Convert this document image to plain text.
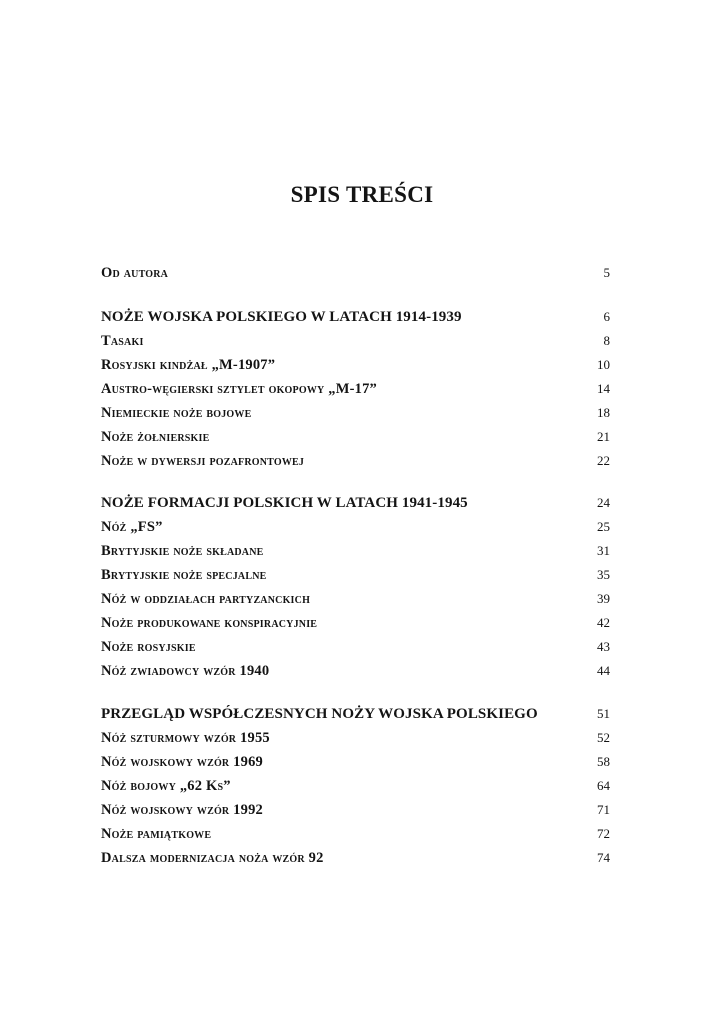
SPIS TREŚCI
Od autora	5
NOŻE WOJSKA POLSKIEGO W LATACH 1914-1939	6
Tasaki	8
Rosyjski kindżał „M-1907”	10
Austro-węgierski sztylet okopowy „M-17”	14
Niemieckie noże bojowe	18
Noże żołnierskie	21
Noże w dywersji pozafrontowej	22
NOŻE FORMACJI POLSKICH W LATACH 1941-1945	24
Nóż „FS”	25
Brytyjskie noże składane	31
Brytyjskie noże specjalne	35
Nóż w oddziałach partyzanckich	39
Noże produkowane konspiracyjnie	42
Noże rosyjskie	43
Nóż zwiadowcy wzór 1940	44
PRZEGLĄD WSPÓŁCZESNYCH NOŻY WOJSKA POLSKIEGO	51
Nóż szturmowy wzór 1955	52
Nóż wojskowy wzór 1969	58
Nóż bojowy „62 Ks”	64
Nóż wojskowy wzór 1992	71
Noże pamiątkowe	72
Dalsza modernizacja noża wzór 92	74
